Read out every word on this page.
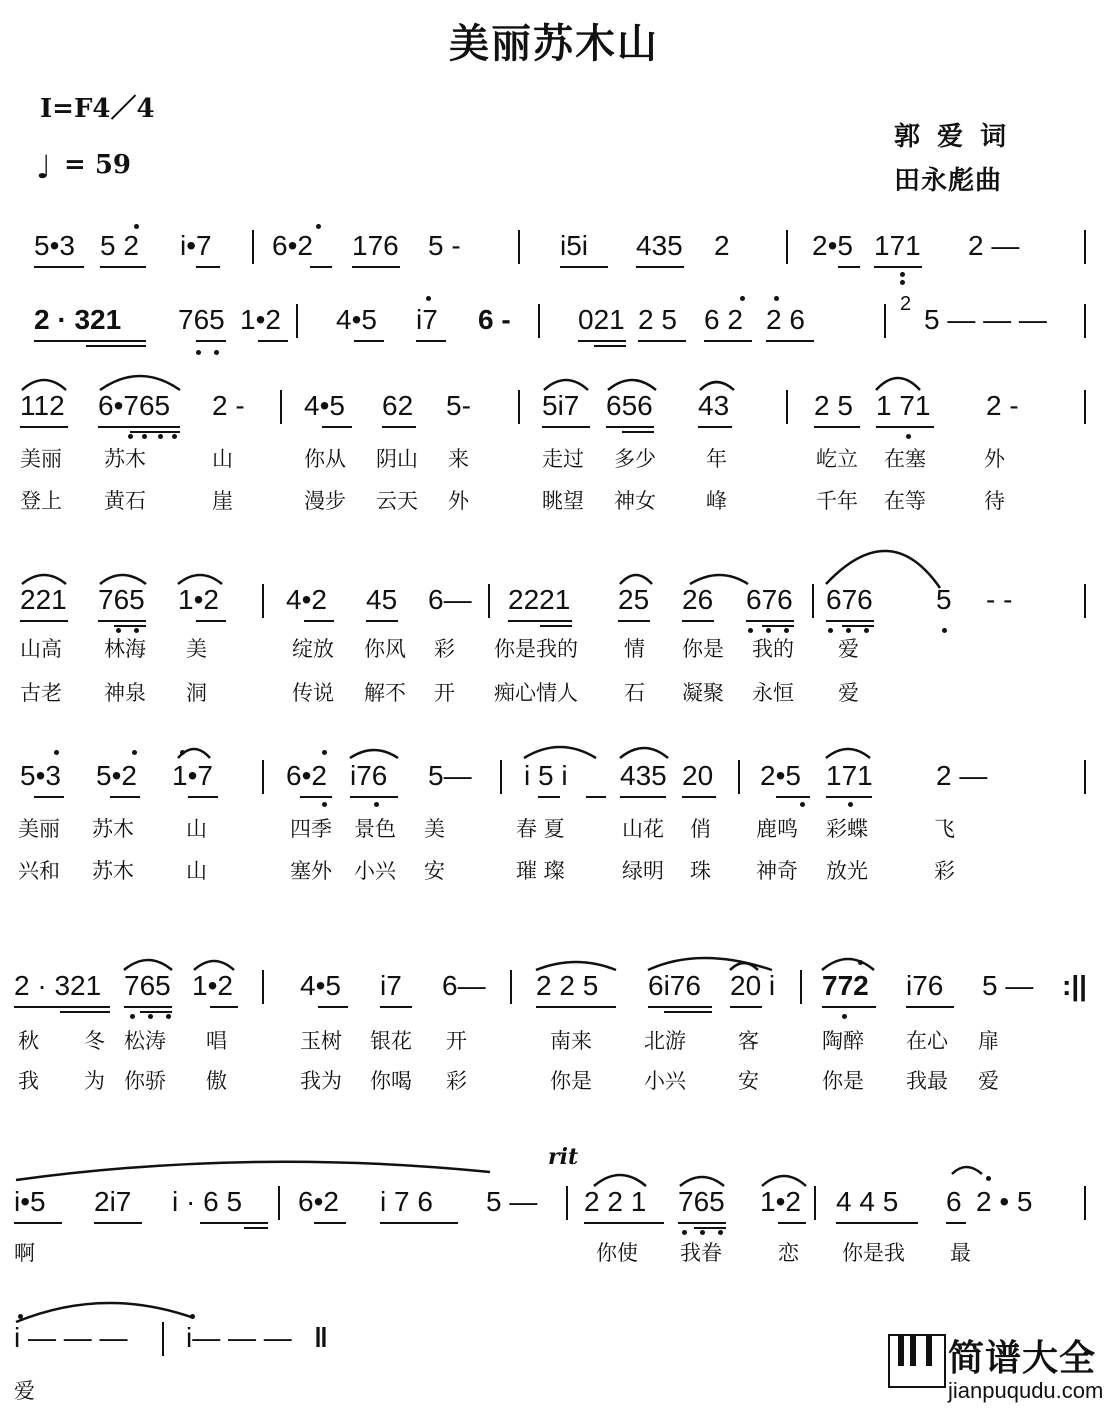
美丽苏木山
I=F4／4
♩ = 59
郭 爱 词
田永彪曲
5•3 5 2 i•7 6•2 176 5 -	i5i 435 2	2•5 171 2 —
2 · 321 765 1•2 4•5 i7 6 - 021 2 5 6 2 2 6	2 5 — — —
112 6•765 2 - 4•5 62 5-	5i7 656 43	2 5 1 71 2 -
美丽 苏木	山	你从 阴山 来	走过 多少 年	屹立 在塞	外
登上 黄石	崖	漫步 云天 外	眺望 神女 峰	千年 在等	待
221 765 1•2 4•2 45 6— 2221 25 26 676 676 5 - -
山高 林海 美	绽放 你风 彩 你是我的 情 你是 我的 爱
古老 神泉 洞	传说 解不 开 痴心情人 石 凝聚 永恒 爱
5•3 5•2 1•7	6•2 i76 5— i 5 i 435 20 2•5 171 2 —
美丽 苏木 山	四季 景色 美	春 夏	山花 俏 鹿鸣 彩蝶	飞
兴和 苏木 山	塞外 小兴 安	璀 璨	绿明 珠 神奇 放光	彩
2 · 321 765 1•2 4•5 i7 6— 2 2 5 6i76 20 i 772 i76 5 — :||
秋 冬 松涛 唱	玉树 银花 开	南来 北游 客	陶醉 在心 扉
我 为 你骄 傲	我为 你喝 彩	你是 小兴 安	你是 我最 爱
rit
i•5 2i7 i · 6 5 6•2 i 7 6 5 — 2 2 1 765 1•2 4 4 5 6 2 • 5
啊	你使 我眷	恋 你是我 最
i — — — i— — — ‖
爱
简谱大全
jianpuqudu.com
